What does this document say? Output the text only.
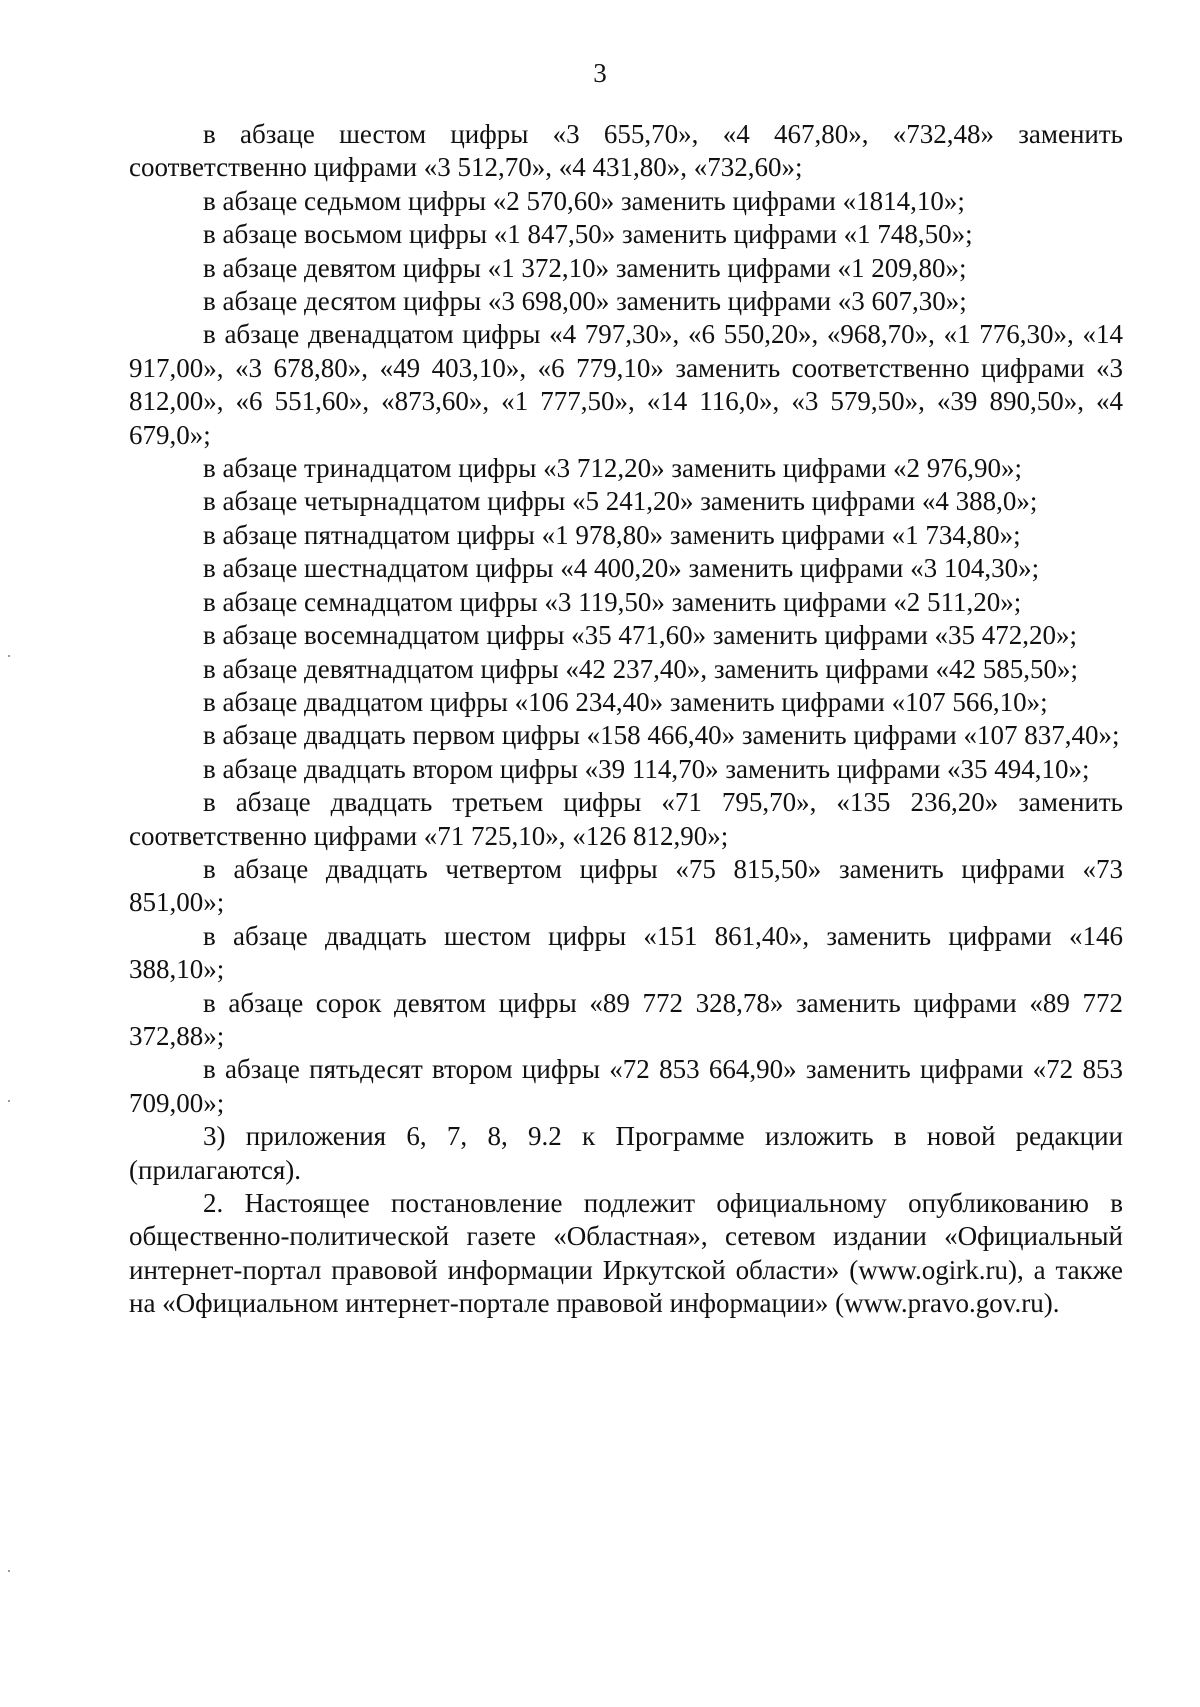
3

в абзаце шестом цифры «3 655,70», «4 467,80», «732,48» заменить соответственно цифрами «3 512,70», «4 431,80», «732,60»;

в абзаце седьмом цифры «2 570,60» заменить цифрами «1814,10»;

в абзаце восьмом цифры «1 847,50» заменить цифрами «1 748,50»;

в абзаце девятом цифры «1 372,10» заменить цифрами «1 209,80»;

в абзаце десятом цифры «3 698,00» заменить цифрами «3 607,30»;

в абзаце двенадцатом цифры «4 797,30», «6 550,20», «968,70», «1 776,30», «14 917,00», «3 678,80», «49 403,10», «6 779,10» заменить соответственно цифрами «3 812,00», «6 551,60», «873,60», «1 777,50», «14 116,0», «3 579,50», «39 890,50», «4 679,0»;

в абзаце тринадцатом цифры «3 712,20» заменить цифрами «2 976,90»;

в абзаце четырнадцатом цифры «5 241,20» заменить цифрами «4 388,0»;

в абзаце пятнадцатом цифры «1 978,80» заменить цифрами «1 734,80»;

в абзаце шестнадцатом цифры «4 400,20» заменить цифрами «3 104,30»;

в абзаце семнадцатом цифры «3 119,50» заменить цифрами «2 511,20»;

в абзаце восемнадцатом цифры «35 471,60» заменить цифрами «35 472,20»;

в абзаце девятнадцатом цифры «42 237,40», заменить цифрами «42 585,50»;

в абзаце двадцатом цифры «106 234,40» заменить цифрами «107 566,10»;

в абзаце двадцать первом цифры «158 466,40» заменить цифрами «107 837,40»;

в абзаце двадцать втором цифры «39 114,70» заменить цифрами «35 494,10»;

в абзаце двадцать третьем цифры «71 795,70», «135 236,20» заменить соответственно цифрами «71 725,10», «126 812,90»;

в абзаце двадцать четвертом цифры «75 815,50» заменить цифрами «73 851,00»;

в абзаце двадцать шестом цифры «151 861,40», заменить цифрами «146 388,10»;

в абзаце сорок девятом цифры «89 772 328,78» заменить цифрами «89 772 372,88»;

в абзаце пятьдесят втором цифры «72 853 664,90» заменить цифрами «72 853 709,00»;

3) приложения 6, 7, 8, 9.2 к Программе изложить в новой редакции (прилагаются).

2. Настоящее постановление подлежит официальному опубликованию в общественно-политической газете «Областная», сетевом издании «Официальный интернет-портал правовой информации Иркутской области» (www.ogirk.ru), а также на «Официальном интернет-портале правовой информации» (www.pravo.gov.ru).
